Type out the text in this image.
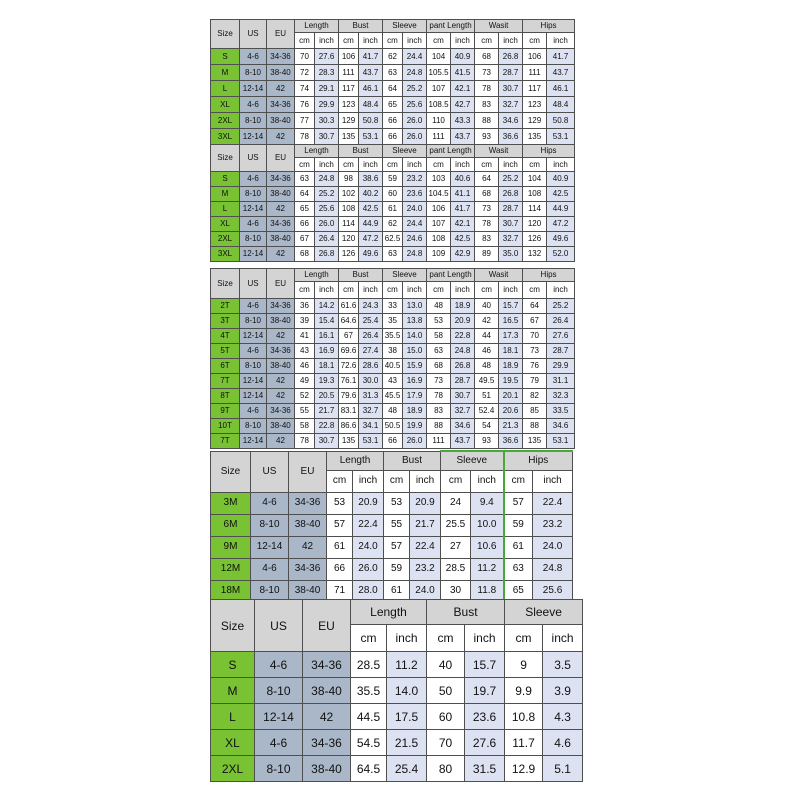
Size	US	EU	Length		Bust		Sleeve		pant Length		Wasit		Hips	
			cm	inch	cm	inch	cm	inch	cm	inch	cm	inch	cm	inch
S	4-6	34-36	70	27.6	106	41.7	62	24.4	104	40.9	68	26.8	106	41.7
M	8-10	38-40	72	28.3	111	43.7	63	24.8	105.5	41.5	73	28.7	111	43.7
L	12-14	42	74	29.1	117	46.1	64	25.2	107	42.1	78	30.7	117	46.1
XL	4-6	34-36	76	29.9	123	48.4	65	25.6	108.5	42.7	83	32.7	123	48.4
2XL	8-10	38-40	77	30.3	129	50.8	66	26.0	110	43.3	88	34.6	129	50.8
3XL	12-14	42	78	30.7	135	53.1	66	26.0	111	43.7	93	36.6	135	53.1
Size	US	EU	Length		Bust		Sleeve		pant Length		Wasit		Hips	
			cm	inch	cm	inch	cm	inch	cm	inch	cm	inch	cm	inch
S	4-6	34-36	63	24.8	98	38.6	59	23.2	103	40.6	64	25.2	104	40.9
M	8-10	38-40	64	25.2	102	40.2	60	23.6	104.5	41.1	68	26.8	108	42.5
L	12-14	42	65	25.6	108	42.5	61	24.0	106	41.7	73	28.7	114	44.9
XL	4-6	34-36	66	26.0	114	44.9	62	24.4	107	42.1	78	30.7	120	47.2
2XL	8-10	38-40	67	26.4	120	47.2	62.5	24.6	108	42.5	83	32.7	126	49.6
3XL	12-14	42	68	26.8	126	49.6	63	24.8	109	42.9	89	35.0	132	52.0
Size	US	EU	Length		Bust		Sleeve		pant Length		Wasit		Hips	
			cm	inch	cm	inch	cm	inch	cm	inch	cm	inch	cm	inch
2T	4-6	34-36	36	14.2	61.6	24.3	33	13.0	48	18.9	40	15.7	64	25.2
3T	8-10	38-40	39	15.4	64.6	25.4	35	13.8	53	20.9	42	16.5	67	26.4
4T	12-14	42	41	16.1	67	26.4	35.5	14.0	58	22.8	44	17.3	70	27.6
5T	4-6	34-36	43	16.9	69.6	27.4	38	15.0	63	24.8	46	18.1	73	28.7
6T	8-10	38-40	46	18.1	72.6	28.6	40.5	15.9	68	26.8	48	18.9	76	29.9
7T	12-14	42	49	19.3	76.1	30.0	43	16.9	73	28.7	49.5	19.5	79	31.1
8T	12-14	42	52	20.5	79.6	31.3	45.5	17.9	78	30.7	51	20.1	82	32.3
9T	4-6	34-36	55	21.7	83.1	32.7	48	18.9	83	32.7	52.4	20.6	85	33.5
10T	8-10	38-40	58	22.8	86.6	34.1	50.5	19.9	88	34.6	54	21.3	88	34.6
7T	12-14	42	78	30.7	135	53.1	66	26.0	111	43.7	93	36.6	135	53.1
Size	US	EU	Length		Bust		Sleeve		Hips	
			cm	inch	cm	inch	cm	inch	cm	inch
3M	4-6	34-36	53	20.9	53	20.9	24	9.4	57	22.4
6M	8-10	38-40	57	22.4	55	21.7	25.5	10.0	59	23.2
9M	12-14	42	61	24.0	57	22.4	27	10.6	61	24.0
12M	4-6	34-36	66	26.0	59	23.2	28.5	11.2	63	24.8
18M	8-10	38-40	71	28.0	61	24.0	30	11.8	65	25.6
Size	US	EU	Length		Bust		Sleeve	
			cm	inch	cm	inch	cm	inch
S	4-6	34-36	28.5	11.2	40	15.7	9	3.5
M	8-10	38-40	35.5	14.0	50	19.7	9.9	3.9
L	12-14	42	44.5	17.5	60	23.6	10.8	4.3
XL	4-6	34-36	54.5	21.5	70	27.6	11.7	4.6
2XL	8-10	38-40	64.5	25.4	80	31.5	12.9	5.1
